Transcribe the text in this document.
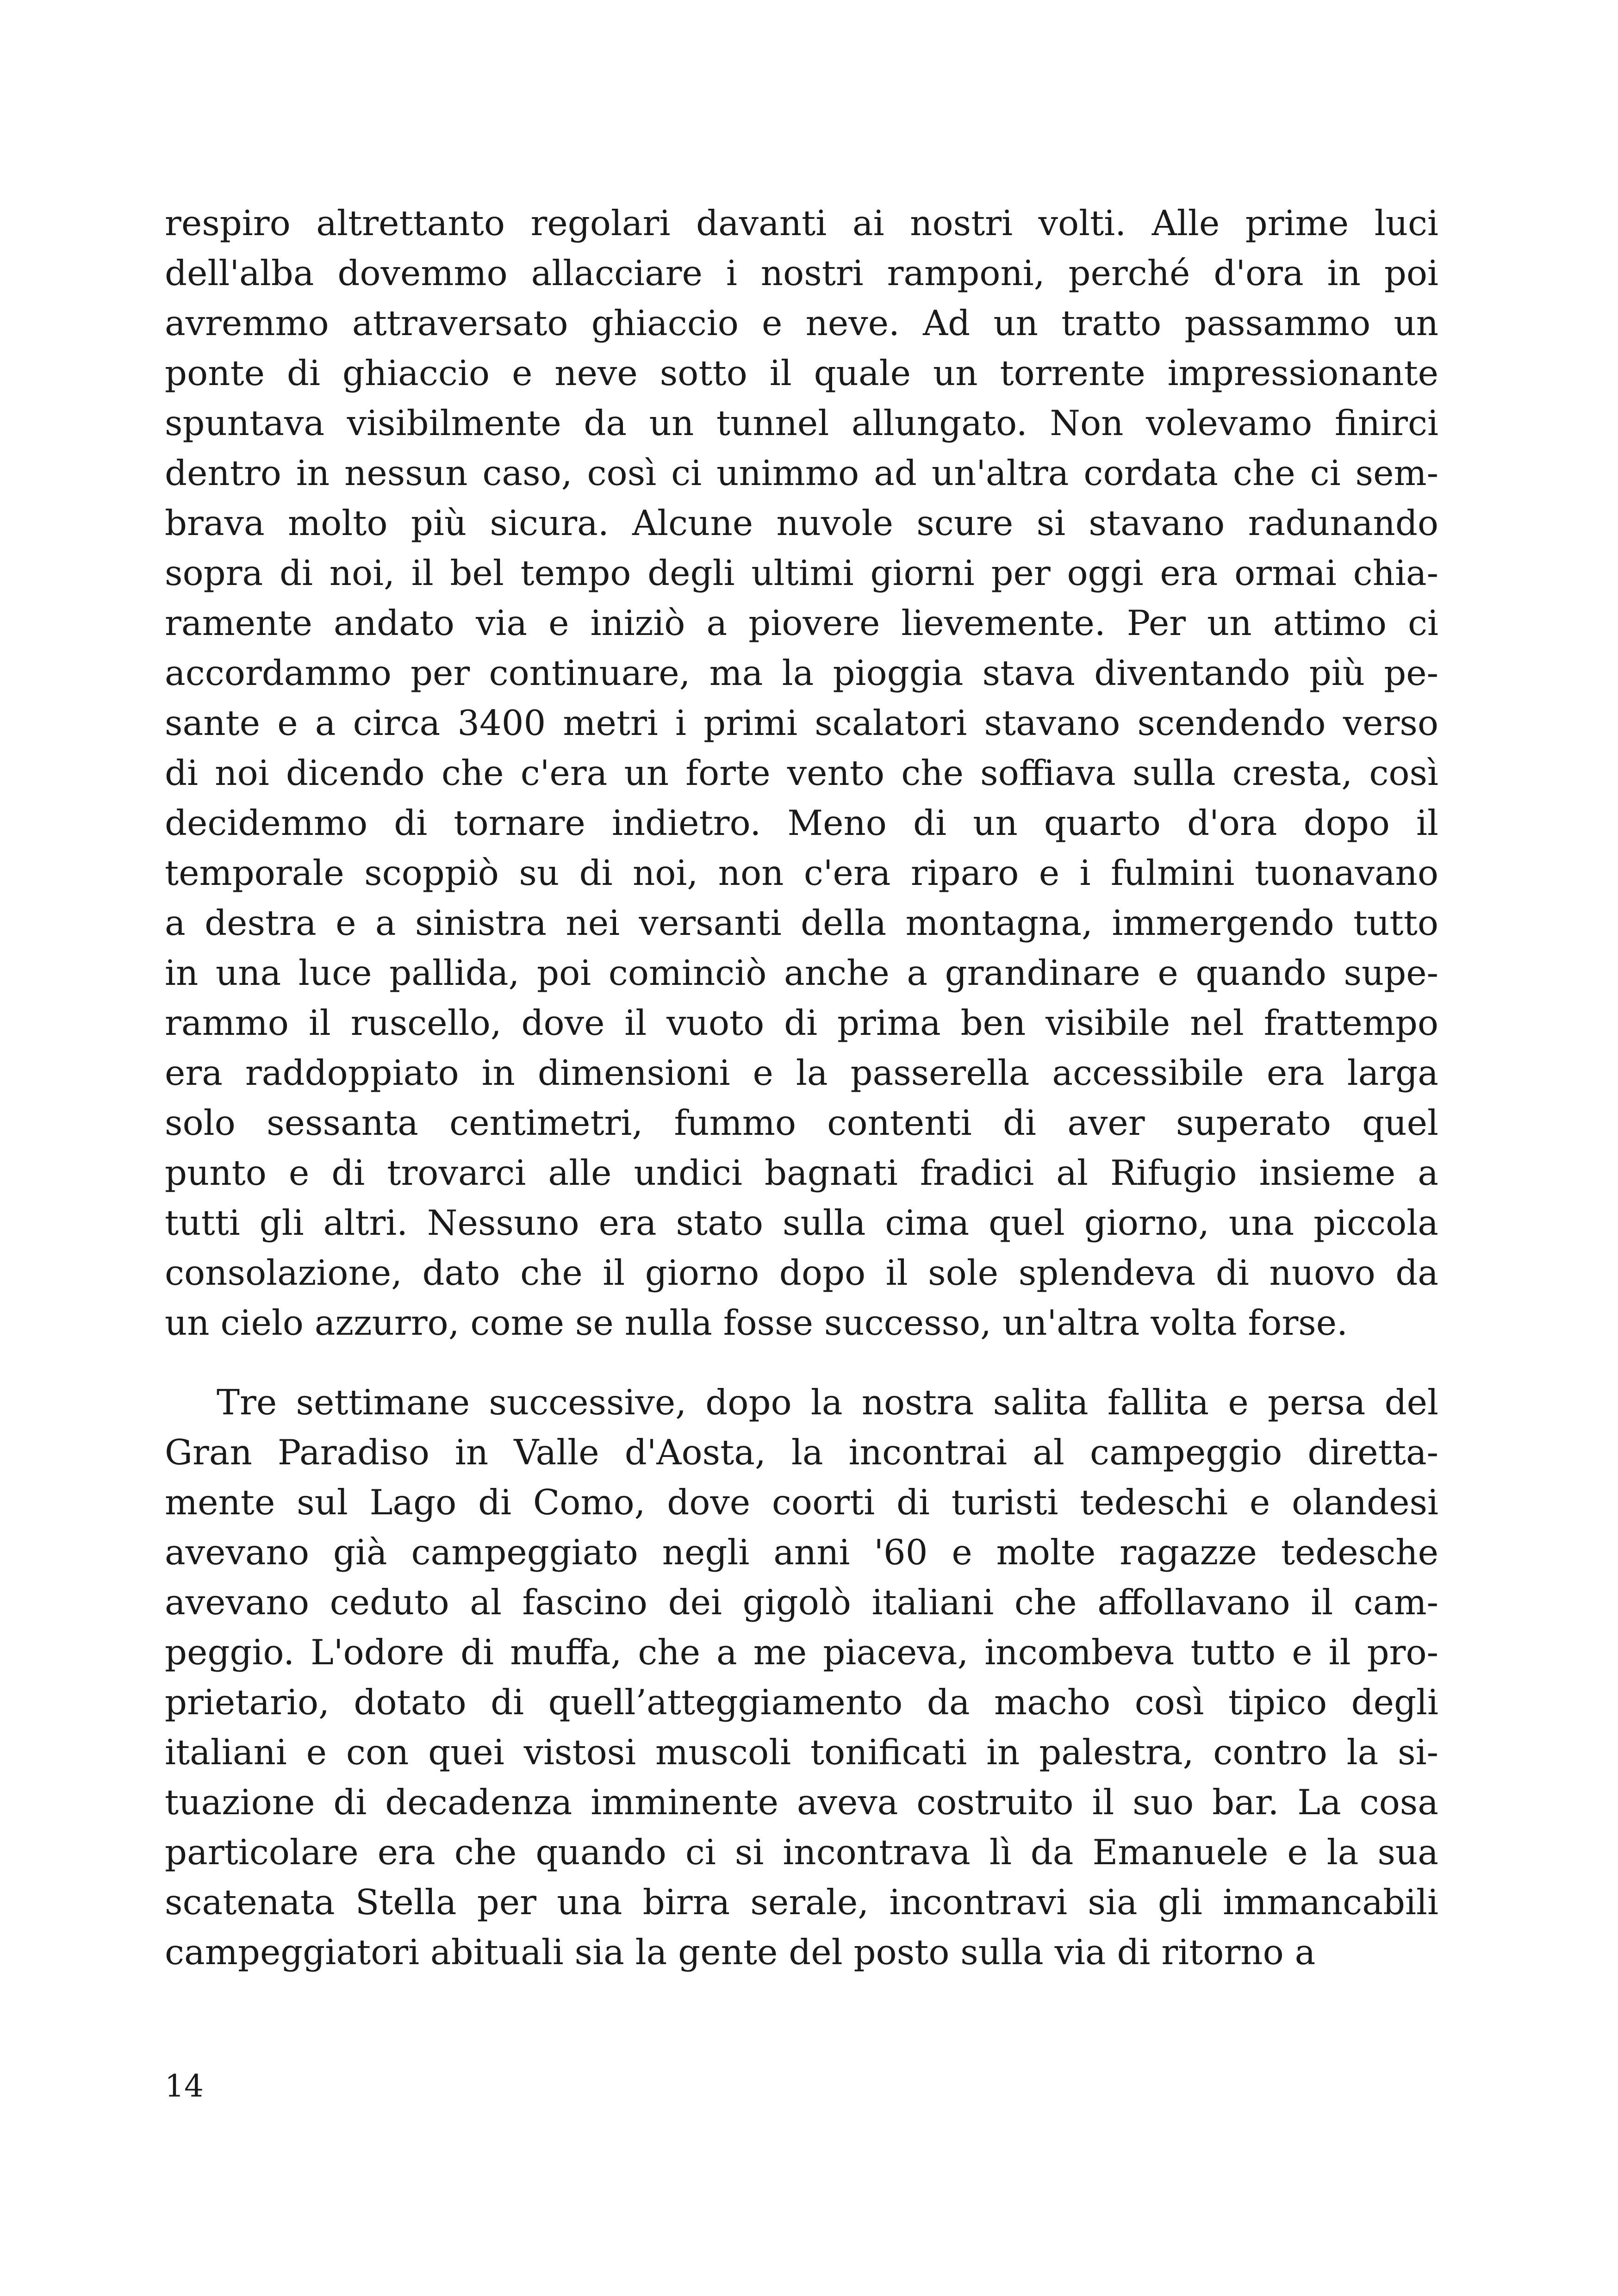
respiro altrettanto regolari davanti ai nostri volti. Alle prime luci
dell'alba dovemmo allacciare i nostri ramponi, perché d'ora in poi
avremmo attraversato ghiaccio e neve. Ad un tratto passammo un
ponte di ghiaccio e neve sotto il quale un torrente impressionante
spuntava visibilmente da un tunnel allungato. Non volevamo finirci
dentro in nessun caso, così ci unimmo ad un'altra cordata che ci sem-
brava molto più sicura. Alcune nuvole scure si stavano radunando
sopra di noi, il bel tempo degli ultimi giorni per oggi era ormai chia-
ramente andato via e iniziò a piovere lievemente. Per un attimo ci
accordammo per continuare, ma la pioggia stava diventando più pe-
sante e a circa 3400 metri i primi scalatori stavano scendendo verso
di noi dicendo che c'era un forte vento che soffiava sulla cresta, così
decidemmo di tornare indietro. Meno di un quarto d'ora dopo il
temporale scoppiò su di noi, non c'era riparo e i fulmini tuonavano
a destra e a sinistra nei versanti della montagna, immergendo tutto
in una luce pallida, poi cominciò anche a grandinare e quando supe-
rammo il ruscello, dove il vuoto di prima ben visibile nel frattempo
era raddoppiato in dimensioni e la passerella accessibile era larga
solo sessanta centimetri, fummo contenti di aver superato quel
punto e di trovarci alle undici bagnati fradici al Rifugio insieme a
tutti gli altri. Nessuno era stato sulla cima quel giorno, una piccola
consolazione, dato che il giorno dopo il sole splendeva di nuovo da
un cielo azzurro, come se nulla fosse successo, un'altra volta forse.
Tre settimane successive, dopo la nostra salita fallita e persa del
Gran Paradiso in Valle d'Aosta, la incontrai al campeggio diretta-
mente sul Lago di Como, dove coorti di turisti tedeschi e olandesi
avevano già campeggiato negli anni '60 e molte ragazze tedesche
avevano ceduto al fascino dei gigolò italiani che affollavano il cam-
peggio. L'odore di muffa, che a me piaceva, incombeva tutto e il pro-
prietario, dotato di quell’atteggiamento da macho così tipico degli
italiani e con quei vistosi muscoli tonificati in palestra, contro la si-
tuazione di decadenza imminente aveva costruito il suo bar. La cosa
particolare era che quando ci si incontrava lì da Emanuele e la sua
scatenata Stella per una birra serale, incontravi sia gli immancabili
campeggiatori abituali sia la gente del posto sulla via di ritorno a
14
